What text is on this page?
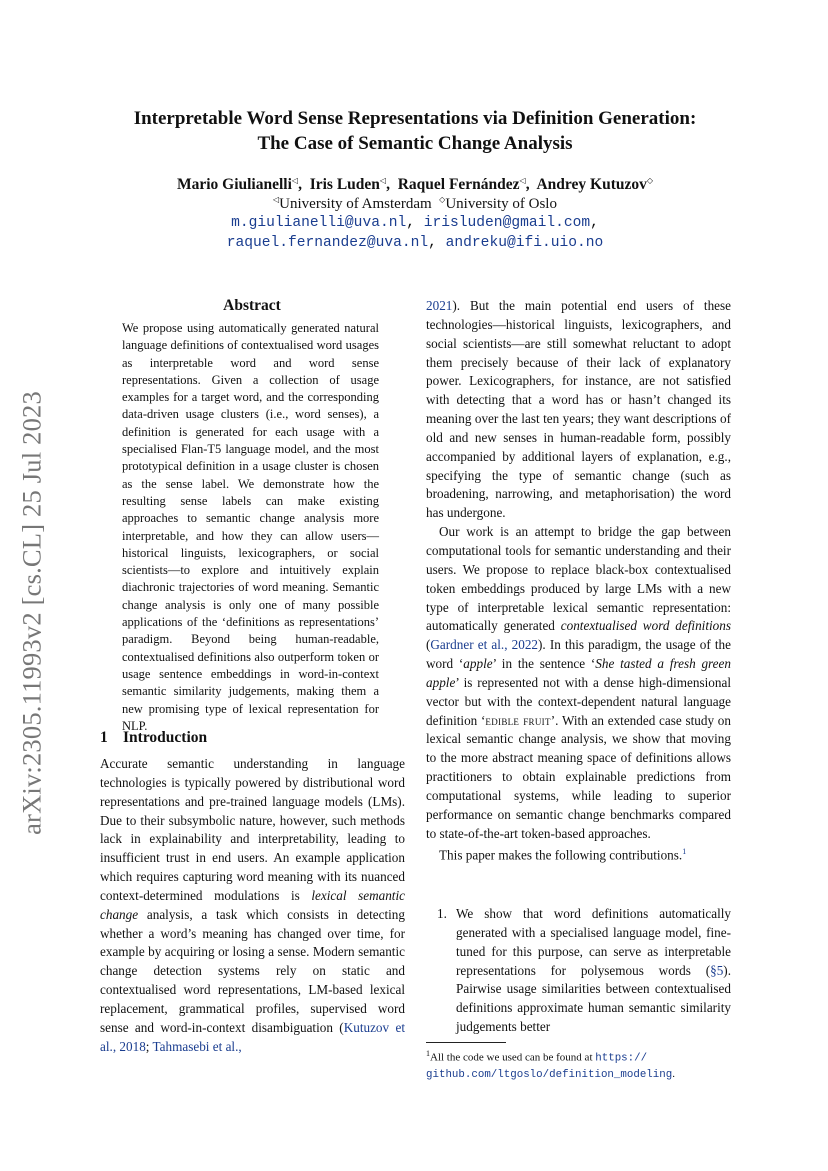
arXiv:2305.11993v2 [cs.CL] 25 Jul 2023
Interpretable Word Sense Representations via Definition Generation:
The Case of Semantic Change Analysis
Mario Giulianelli◁,  Iris Luden◁,  Raquel Fernández◁,  Andrey Kutuzov◇
◁University of Amsterdam ◇University of Oslo
m.giulianelli@uva.nl, irisluden@gmail.com,
raquel.fernandez@uva.nl, andreku@ifi.uio.no
Abstract
We propose using automatically generated natural language definitions of contextualised word usages as interpretable word and word sense representations. Given a collection of usage examples for a target word, and the corresponding data-driven usage clusters (i.e., word senses), a definition is generated for each usage with a specialised Flan-T5 language model, and the most prototypical definition in a usage cluster is chosen as the sense label. We demonstrate how the resulting sense labels can make existing approaches to semantic change analysis more interpretable, and how they can allow users—historical linguists, lexicographers, or social scientists—to explore and intuitively explain diachronic trajectories of word meaning. Semantic change analysis is only one of many possible applications of the ‘definitions as representations’ paradigm. Beyond being human-readable, contextualised definitions also outperform token or usage sentence embeddings in word-in-context semantic similarity judgements, making them a new promising type of lexical representation for NLP.
1 Introduction

Accurate semantic understanding in language technologies is typically powered by distributional word representations and pre-trained language models (LMs). Due to their subsymbolic nature, however, such methods lack in explainability and interpretability, leading to insufficient trust in end users. An example application which requires capturing word meaning with its nuanced context-determined modulations is lexical semantic change analysis, a task which consists in detecting whether a word’s meaning has changed over time, for example by acquiring or losing a sense. Modern semantic change detection systems rely on static and contextualised word representations, LM-based lexical replacement, grammatical profiles, supervised word sense and word-in-context disambiguation (Kutuzov et al., 2018; Tahmasebi et al.,

2021). But the main potential end users of these technologies—historical linguists, lexicographers, and social scientists—are still somewhat reluctant to adopt them precisely because of their lack of explanatory power. Lexicographers, for instance, are not satisfied with detecting that a word has or hasn’t changed its meaning over the last ten years; they want descriptions of old and new senses in human-readable form, possibly accompanied by additional layers of explanation, e.g., specifying the type of semantic change (such as broadening, narrowing, and metaphorisation) the word has undergone.

Our work is an attempt to bridge the gap between computational tools for semantic understanding and their users. We propose to replace black-box contextualised token embeddings produced by large LMs with a new type of interpretable lexical semantic representation: automatically generated contextualised word definitions (Gardner et al., 2022). In this paradigm, the usage of the word ‘apple’ in the sentence ‘She tasted a fresh green apple’ is represented not with a dense high-dimensional vector but with the context-dependent natural language definition ‘edible fruit’. With an extended case study on lexical semantic change analysis, we show that moving to the more abstract meaning space of definitions allows practitioners to obtain explainable predictions from computational systems, while leading to superior performance on semantic change benchmarks compared to state-of-the-art token-based approaches.

This paper makes the following contributions.$^1$

1. We show that word definitions automatically generated with a specialised language model, fine-tuned for this purpose, can serve as interpretable representations for polysemous words (§5). Pairwise usage similarities between contextualised definitions approximate human semantic similarity judgements better
$^1$All the code we used can be found at https://
github.com/ltgoslo/definition_modeling.
